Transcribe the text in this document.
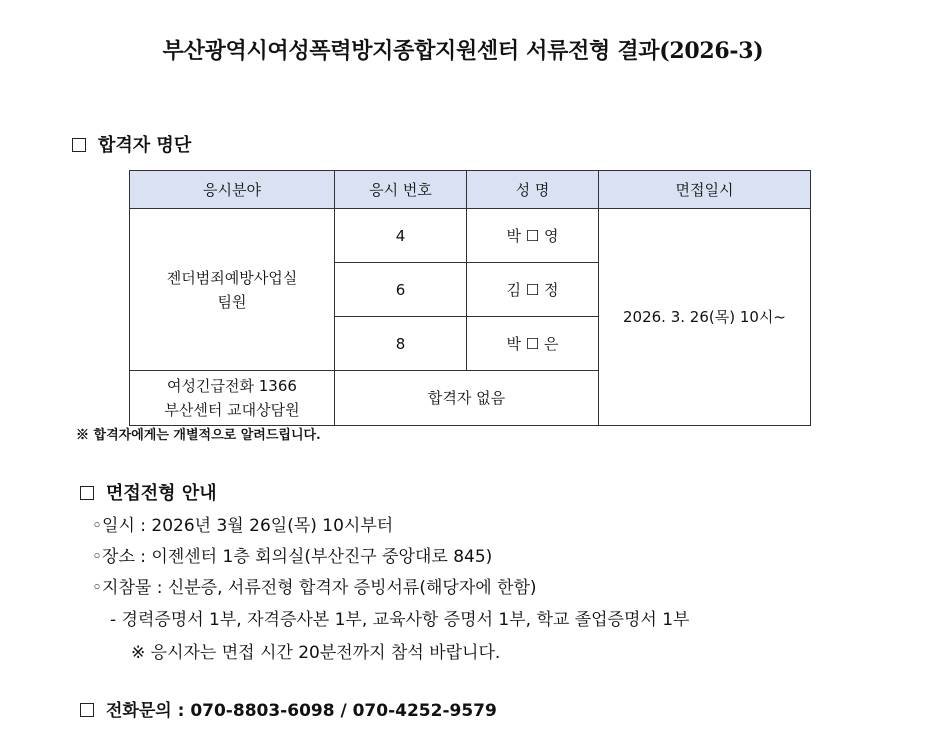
부산광역시여성폭력방지종합지원센터 서류전형 결과(2026-3)
합격자 명단
응시분야	응시 번호	성 명	면접일시

젠더범죄예방사업실
팀원	4	박 ☐ 영	2026. 3. 26(목) 10시~
	6	김 ☐ 정	
	8	박 ☐ 은	

여성긴급전화 1366
부산센터 교대상담원	합격자 없음		
※ 합격자에게는 개별적으로 알려드립니다.
면접전형 안내
◦일시 : 2026년 3월 26일(목) 10시부터
◦장소 : 이젠센터 1층 회의실(부산진구 중앙대로 845)
◦지참물 : 신분증, 서류전형 합격자 증빙서류(해당자에 한함)
- 경력증명서 1부, 자격증사본 1부, 교육사항 증명서 1부, 학교 졸업증명서 1부
※ 응시자는 면접 시간 20분전까지 참석 바랍니다.
전화문의 : 070-8803-6098 / 070-4252-9579
